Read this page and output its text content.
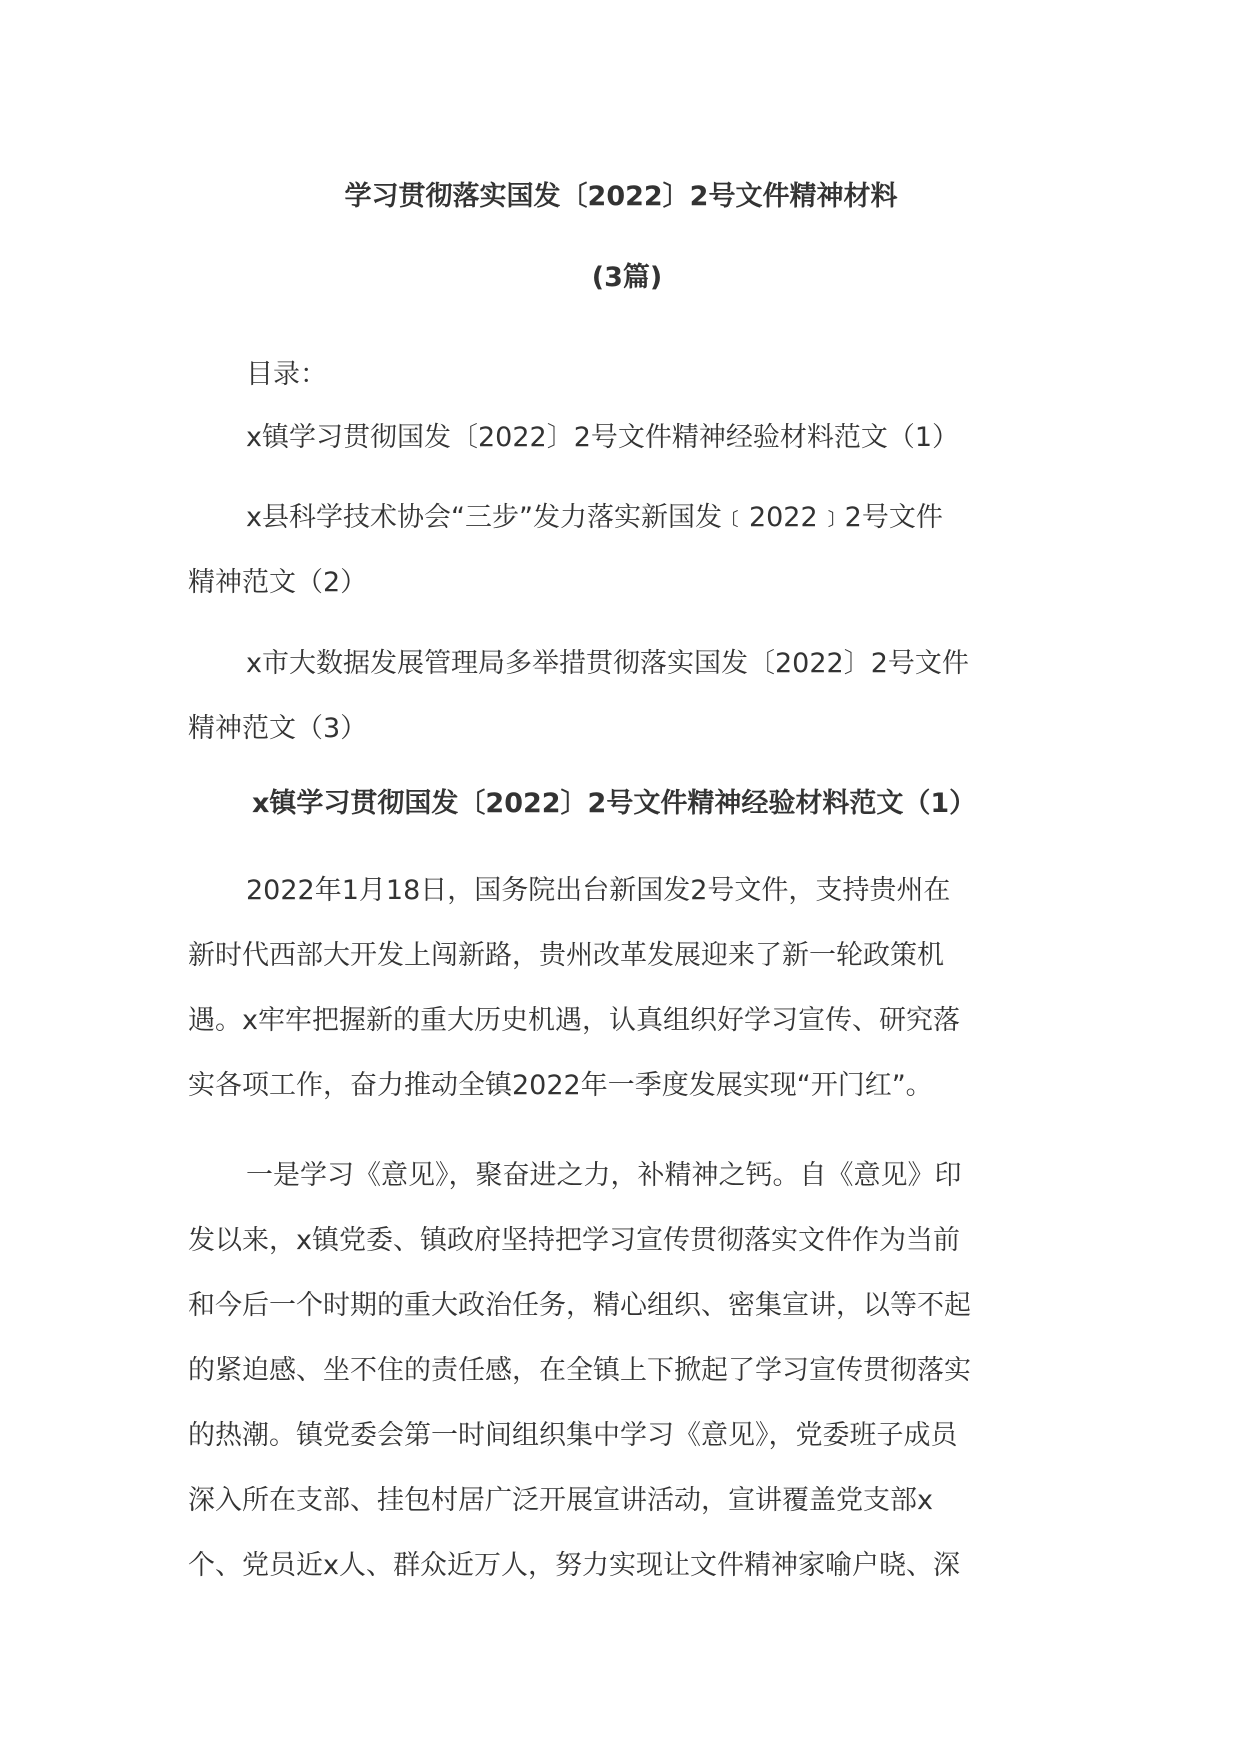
学习贯彻落实国发〔2022〕2号文件精神材料
(3篇)
目录：
x镇学习贯彻国发〔2022〕2号文件精神经验材料范文（1）
x县科学技术协会“三步”发力落实新国发﹝2022﹞2号文件
精神范文（2）
x市大数据发展管理局多举措贯彻落实国发〔2022〕2号文件
精神范文（3）
x镇学习贯彻国发〔2022〕2号文件精神经验材料范文（1）
2022年1月18日，国务院出台新国发2号文件，支持贵州在
新时代西部大开发上闯新路，贵州改革发展迎来了新一轮政策机
遇。x牢牢把握新的重大历史机遇，认真组织好学习宣传、研究落
实各项工作，奋力推动全镇2022年一季度发展实现“开门红”。
一是学习《意见》，聚奋进之力，补精神之钙。自《意见》印
发以来，x镇党委、镇政府坚持把学习宣传贯彻落实文件作为当前
和今后一个时期的重大政治任务，精心组织、密集宣讲，以等不起
的紧迫感、坐不住的责任感，在全镇上下掀起了学习宣传贯彻落实
的热潮。镇党委会第一时间组织集中学习《意见》，党委班子成员
深入所在支部、挂包村居广泛开展宣讲活动，宣讲覆盖党支部x
个、党员近x人、群众近万人，努力实现让文件精神家喻户晓、深
